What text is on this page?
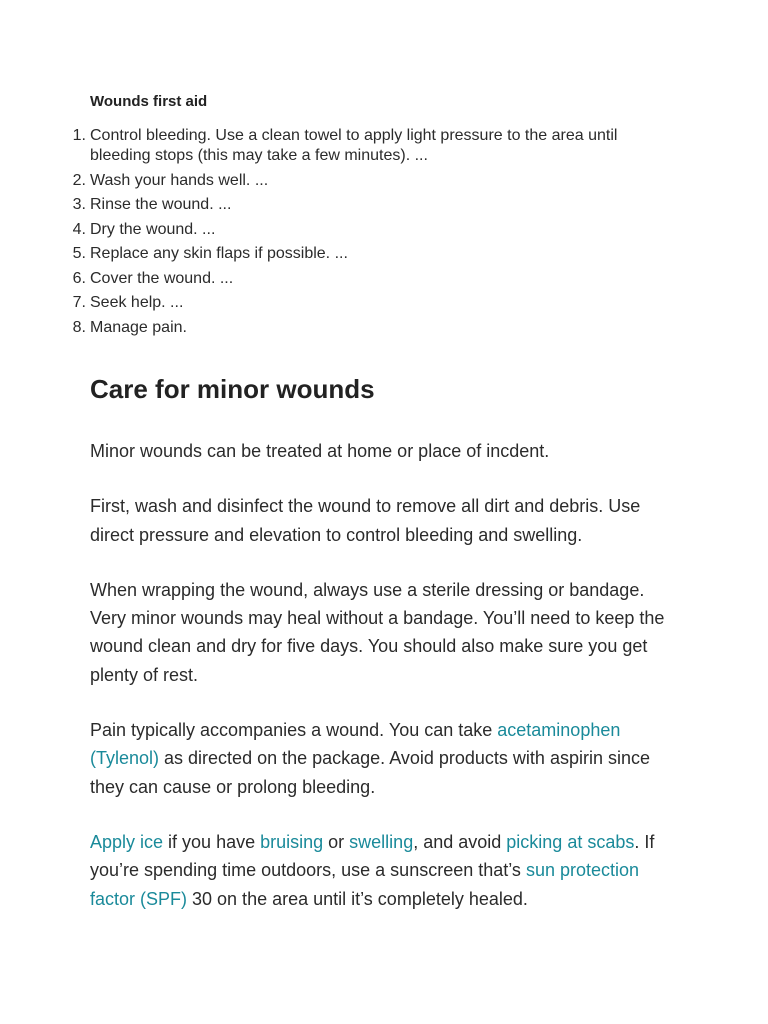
Wounds first aid
1. Control bleeding. Use a clean towel to apply light pressure to the area until bleeding stops (this may take a few minutes). ...
2. Wash your hands well. ...
3. Rinse the wound. ...
4. Dry the wound. ...
5. Replace any skin flaps if possible. ...
6. Cover the wound. ...
7. Seek help. ...
8. Manage pain.
Care for minor wounds

Minor wounds can be treated at home or place of incdent.

First, wash and disinfect the wound to remove all dirt and debris. Use direct pressure and elevation to control bleeding and swelling.

When wrapping the wound, always use a sterile dressing or bandage. Very minor wounds may heal without a bandage. You’ll need to keep the wound clean and dry for five days. You should also make sure you get plenty of rest.

Pain typically accompanies a wound. You can take acetaminophen (Tylenol) as directed on the package. Avoid products with aspirin since they can cause or prolong bleeding.

Apply ice if you have bruising or swelling, and avoid picking at scabs. If you’re spending time outdoors, use a sunscreen that’s sun protection factor (SPF) 30 on the area until it’s completely healed.
